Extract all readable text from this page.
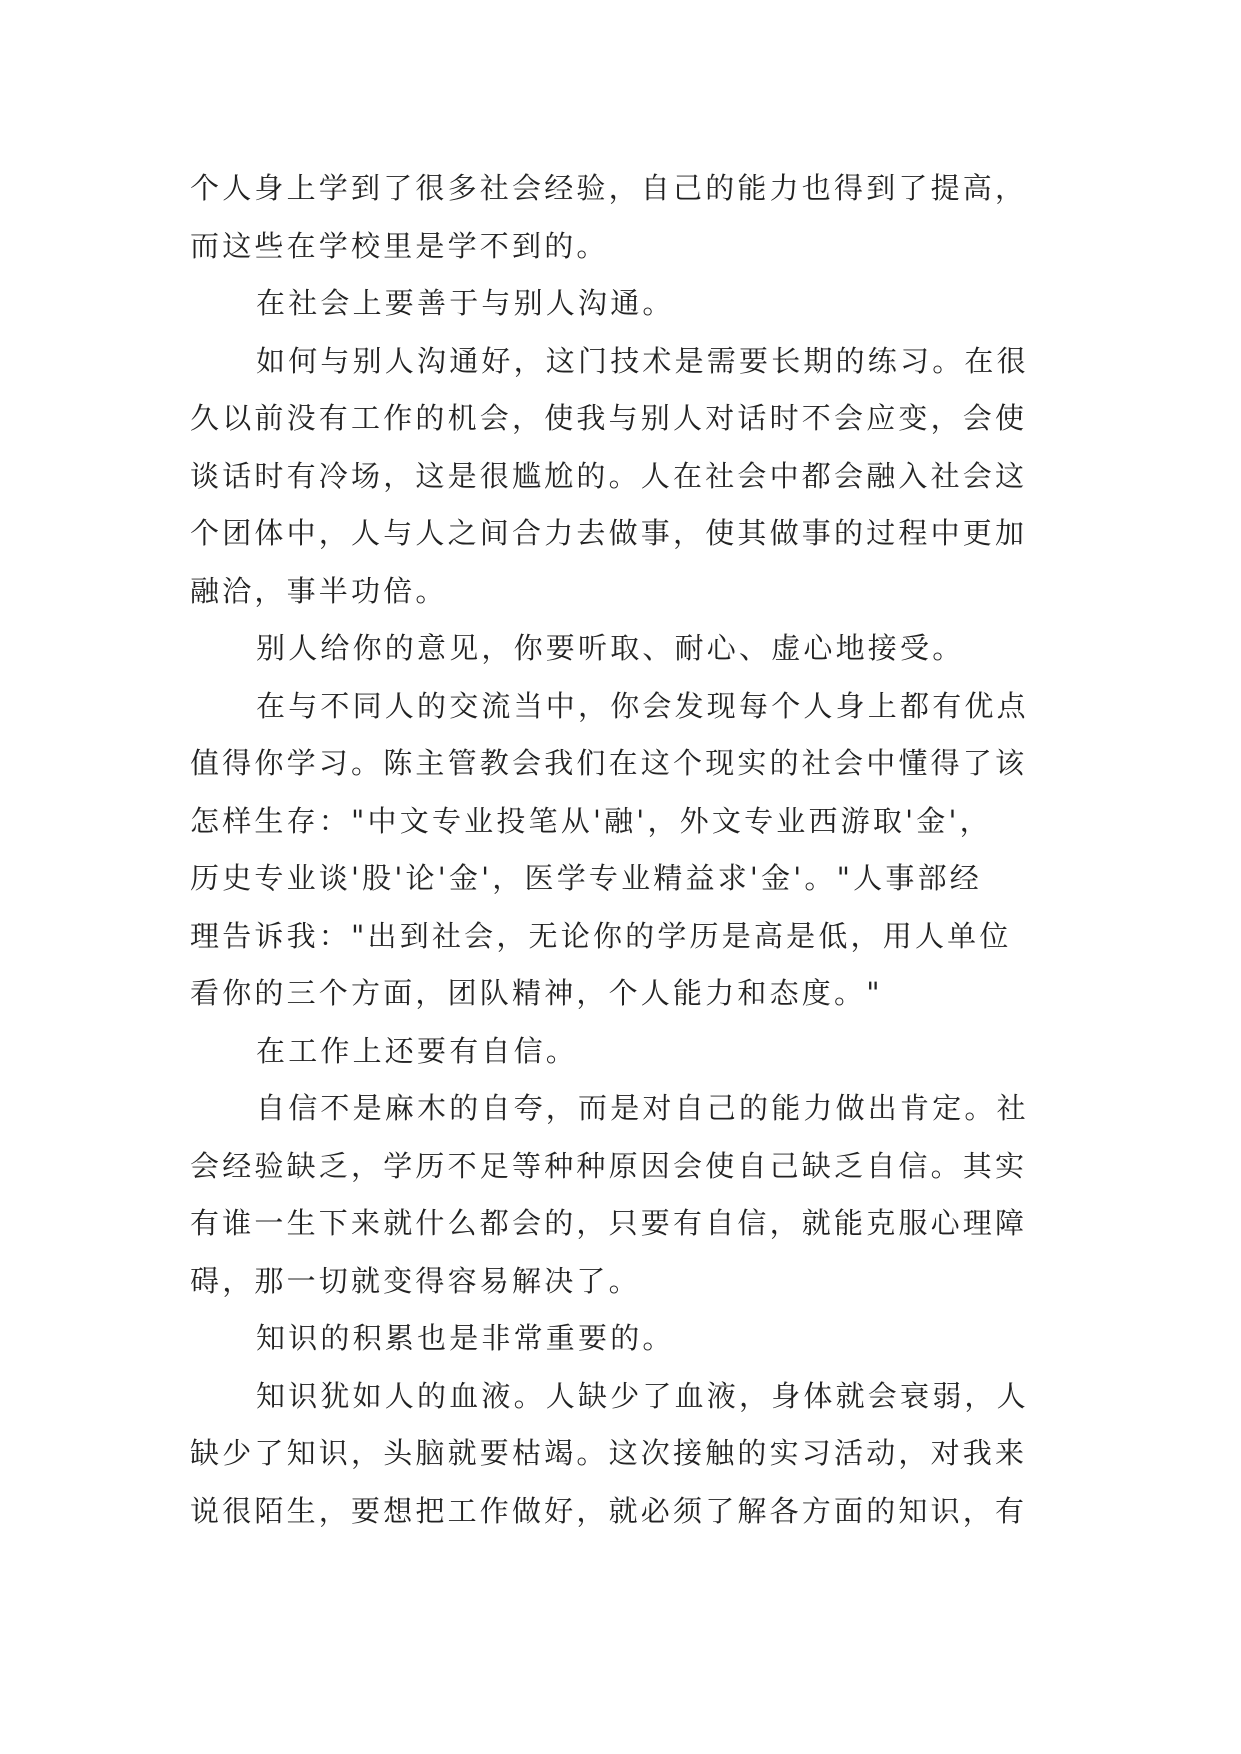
个人身上学到了很多社会经验，自己的能力也得到了提高，
而这些在学校里是学不到的。
在社会上要善于与别人沟通。
如何与别人沟通好，这门技术是需要长期的练习。在很
久以前没有工作的机会，使我与别人对话时不会应变，会使
谈话时有冷场，这是很尴尬的。人在社会中都会融入社会这
个团体中，人与人之间合力去做事，使其做事的过程中更加
融洽，事半功倍。
别人给你的意见，你要听取、耐心、虚心地接受。
在与不同人的交流当中，你会发现每个人身上都有优点
值得你学习。陈主管教会我们在这个现实的社会中懂得了该
怎样生存："中文专业投笔从'融'，外文专业西游取'金'，
历史专业谈'股'论'金'，医学专业精益求'金'。"人事部经
理告诉我："出到社会，无论你的学历是高是低，用人单位
看你的三个方面，团队精神，个人能力和态度。"
在工作上还要有自信。
自信不是麻木的自夸，而是对自己的能力做出肯定。社
会经验缺乏，学历不足等种种原因会使自己缺乏自信。其实
有谁一生下来就什么都会的，只要有自信，就能克服心理障
碍，那一切就变得容易解决了。
知识的积累也是非常重要的。
知识犹如人的血液。人缺少了血液，身体就会衰弱，人
缺少了知识，头脑就要枯竭。这次接触的实习活动，对我来
说很陌生，要想把工作做好，就必须了解各方面的知识，有
